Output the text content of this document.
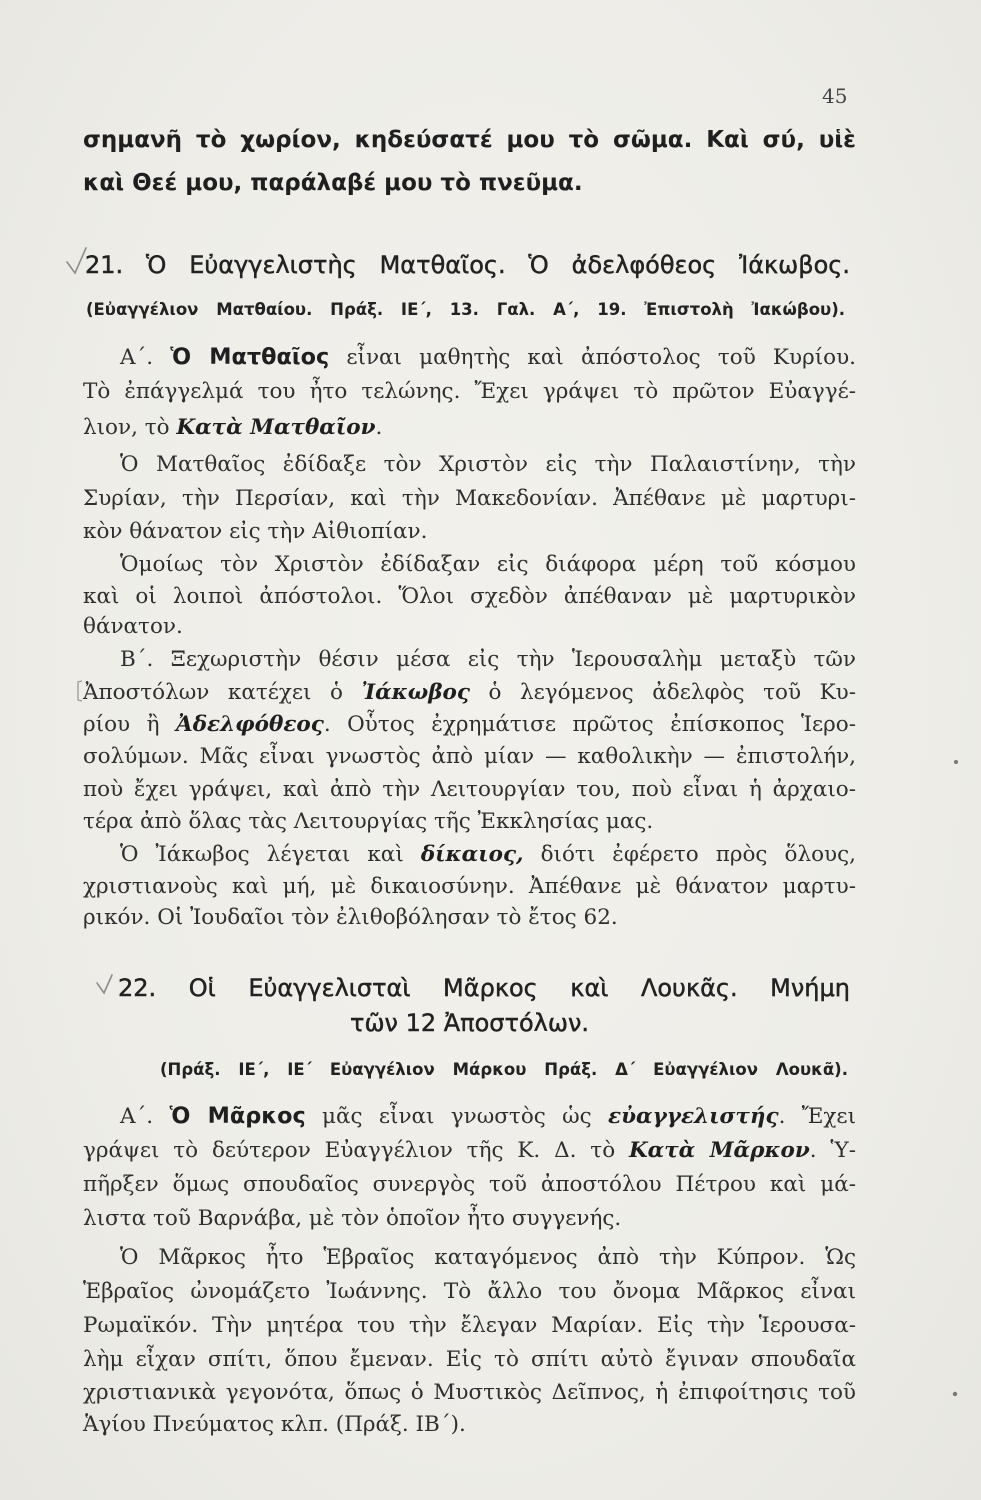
45
σημανῆ τὸ χωρίον, κηδεύσατέ μου τὸ σῶμα. Καὶ σύ, υἱὲ
καὶ Θεέ μου, παράλαβέ μου τὸ πνεῦμα.
21. Ὁ Εὐαγγελιστὴς Ματθαῖος. Ὁ ἀδελφόθεος Ἰάκωβος.
(Εὐαγγέλιον Ματθαίου. Πράξ. ΙΕ΄, 13. Γαλ. Α΄, 19. Ἐπιστολὴ Ἰακώβου).
Α΄. Ὁ Ματθαῖος εἶναι μαθητὴς καὶ ἀπόστολος τοῦ Κυρίου.
Τὸ ἐπάγγελμά του ἦτο τελώνης. Ἔχει γράψει τὸ πρῶτον Εὐαγγέ-
λιον, τὸ Κατὰ Ματθαῖον.
Ὁ Ματθαῖος ἐδίδαξε τὸν Χριστὸν εἰς τὴν Παλαιστίνην, τὴν
Συρίαν, τὴν Περσίαν, καὶ τὴν Μακεδονίαν. Ἀπέθανε μὲ μαρτυρι-
κὸν θάνατον εἰς τὴν Αἰθιοπίαν.
Ὁμοίως τὸν Χριστὸν ἐδίδαξαν εἰς διάφορα μέρη τοῦ κόσμου
καὶ οἱ λοιποὶ ἀπόστολοι. Ὅλοι σχεδὸν ἀπέθαναν μὲ μαρτυρικὸν
θάνατον.
Β΄. Ξεχωριστὴν θέσιν μέσα εἰς τὴν Ἱερουσαλὴμ μεταξὺ τῶν
Ἀποστόλων κατέχει ὁ Ἰάκωβος ὁ λεγόμενος ἀδελφὸς τοῦ Κυ-
ρίου ἢ Ἀδελφόθεος. Οὗτος ἐχρημάτισε πρῶτος ἐπίσκοπος Ἱερο-
σολύμων. Μᾶς εἶναι γνωστὸς ἀπὸ μίαν — καθολικὴν — ἐπιστολήν,
ποὺ ἔχει γράψει, καὶ ἀπὸ τὴν Λειτουργίαν του, ποὺ εἶναι ἡ ἀρχαιο-
τέρα ἀπὸ ὅλας τὰς Λειτουργίας τῆς Ἐκκλησίας μας.
Ὁ Ἰάκωβος λέγεται καὶ δίκαιος, διότι ἐφέρετο πρὸς ὅλους,
χριστιανοὺς καὶ μή, μὲ δικαιοσύνην. Ἀπέθανε μὲ θάνατον μαρτυ-
ρικόν. Οἱ Ἰουδαῖοι τὸν ἐλιθοβόλησαν τὸ ἔτος 62.
22. Οἱ Εὐαγγελισταὶ Μᾶρκος καὶ Λουκᾶς. Μνήμη
τῶν 12 Ἀποστόλων.
(Πράξ. ΙΕ΄, ΙΕ΄ Εὐαγγέλιον Μάρκου Πράξ. Δ΄ Εὐαγγέλιον Λουκᾶ).
Α΄. Ὁ Μᾶρκος μᾶς εἶναι γνωστὸς ὡς εὐαγγελιστής. Ἔχει
γράψει τὸ δεύτερον Εὐαγγέλιον τῆς Κ. Δ. τὸ Κατὰ Μᾶρκον. Ὑ-
πῆρξεν ὅμως σπουδαῖος συνεργὸς τοῦ ἀποστόλου Πέτρου καὶ μά-
λιστα τοῦ Βαρνάβα, μὲ τὸν ὁποῖον ἦτο συγγενής.
Ὁ Μᾶρκος ἦτο Ἑβραῖος καταγόμενος ἀπὸ τὴν Κύπρον. Ὡς
Ἑβραῖος ὠνομάζετο Ἰωάννης. Τὸ ἄλλο του ὄνομα Μᾶρκος εἶναι
Ρωμαϊκόν. Τὴν μητέρα του τὴν ἔλεγαν Μαρίαν. Εἰς τὴν Ἱερουσα-
λὴμ εἶχαν σπίτι, ὅπου ἔμεναν. Εἰς τὸ σπίτι αὐτὸ ἔγιναν σπουδαῖα
χριστιανικὰ γεγονότα, ὅπως ὁ Μυστικὸς Δεῖπνος, ἡ ἐπιφοίτησις τοῦ
Ἁγίου Πνεύματος κλπ. (Πράξ. ΙΒ΄).
